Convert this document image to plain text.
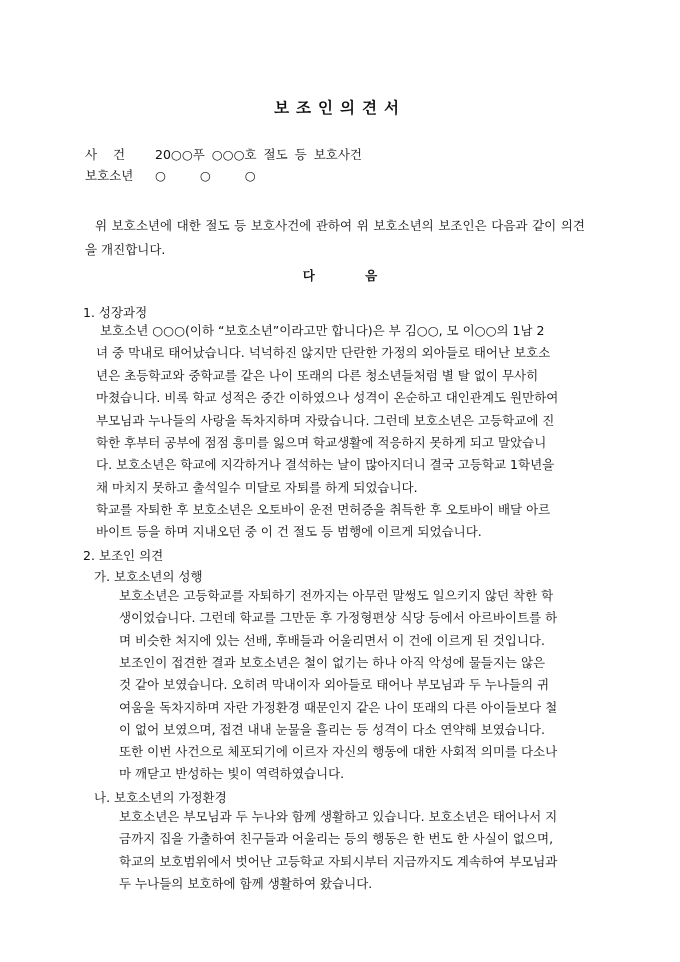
보조인의견서
사    건 20○○푸 ○○○호 절도 등 보호사건
보호소년 ○ ○ ○
위 보호소년에 대한 절도 등 보호사건에 관하여 위 보호소년의 보조인은 다음과 같이 의견을 개진합니다.
다 음
1. 성장과정
보호소년 ○○○(이하 “보호소년”이라고만 합니다)은 부 김○○, 모 이○○의 1남 2
녀 중 막내로 태어났습니다. 넉넉하진 않지만 단란한 가정의 외아들로 태어난 보호소
년은 초등학교와 중학교를 같은 나이 또래의 다른 청소년들처럼 별 탈 없이 무사히
마쳤습니다. 비록 학교 성적은 중간 이하였으나 성격이 온순하고 대인관계도 원만하여
부모님과 누나들의 사랑을 독차지하며 자랐습니다. 그런데 보호소년은 고등학교에 진
학한 후부터 공부에 점점 흥미를 잃으며 학교생활에 적응하지 못하게 되고 말았습니
다. 보호소년은 학교에 지각하거나 결석하는 날이 많아지더니 결국 고등학교 1학년을
채 마치지 못하고 출석일수 미달로 자퇴를 하게 되었습니다.
학교를 자퇴한 후 보호소년은 오토바이 운전 면허증을 취득한 후 오토바이 배달 아르
바이트 등을 하며 지내오던 중 이 건 절도 등 범행에 이르게 되었습니다.
2. 보조인 의견
가. 보호소년의 성행
보호소년은 고등학교를 자퇴하기 전까지는 아무런 말썽도 일으키지 않던 착한 학
생이었습니다. 그런데 학교를 그만둔 후 가정형편상 식당 등에서 아르바이트를 하
며 비슷한 처지에 있는 선배, 후배들과 어울리면서 이 건에 이르게 된 것입니다.
보조인이 접견한 결과 보호소년은 철이 없기는 하나 아직 악성에 물들지는 않은
것 같아 보였습니다. 오히려 막내이자 외아들로 태어나 부모님과 두 누나들의 귀
여움을 독차지하며 자란 가정환경 때문인지 같은 나이 또래의 다른 아이들보다 철
이 없어 보였으며, 접견 내내 눈물을 흘리는 등 성격이 다소 연약해 보였습니다.
또한 이번 사건으로 체포되기에 이르자 자신의 행동에 대한 사회적 의미를 다소나
마 깨닫고 반성하는 빛이 역력하였습니다.
나. 보호소년의 가정환경
보호소년은 부모님과 두 누나와 함께 생활하고 있습니다. 보호소년은 태어나서 지
금까지 집을 가출하여 친구들과 어울리는 등의 행동은 한 번도 한 사실이 없으며,
학교의 보호범위에서 벗어난 고등학교 자퇴시부터 지금까지도 계속하여 부모님과
두 누나들의 보호하에 함께 생활하여 왔습니다.
